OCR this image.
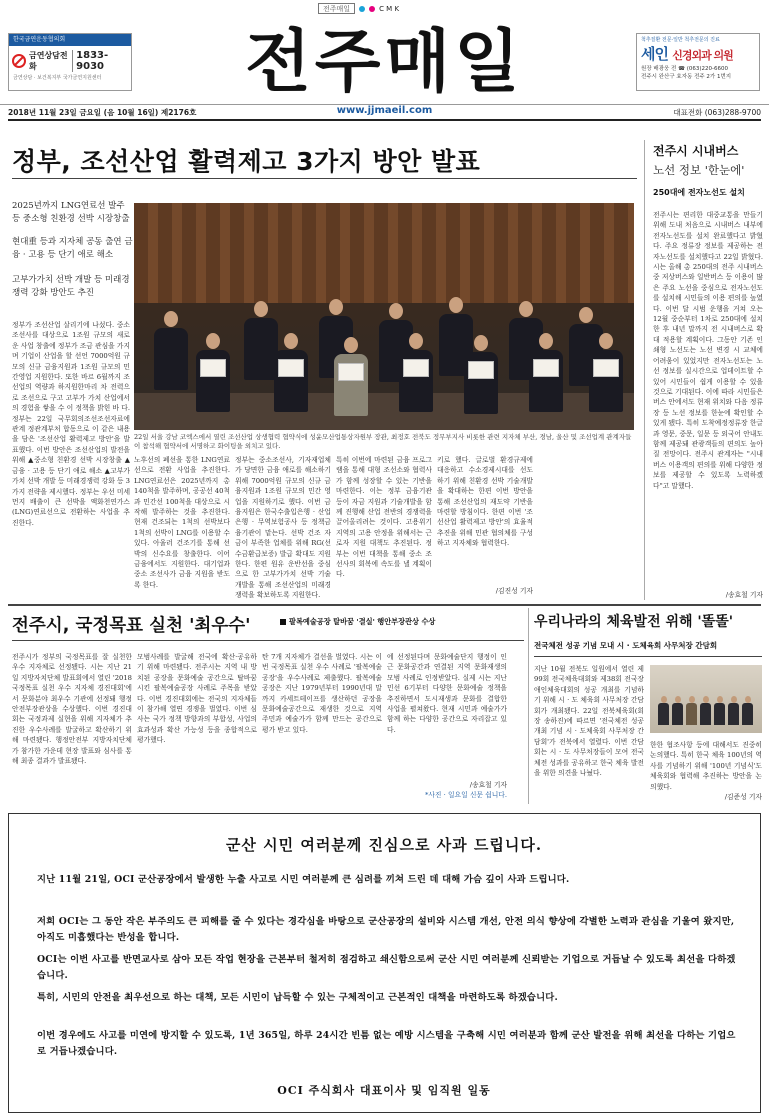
전주매일	C M K
한국금연운동협의회
금연상담전화
1833-9030
금연상담 · 보건복지부 국가금연지원센터	전주매일	척추질환 전문·일반 척추전문의 진료
세인 신경외과 의원
원장 배광웅 전 ☎ (063)220-6600
전주시 완산구 효자동 전주 2가 1번지
2018년 11월 23일 금요일 (음 10월 16일) 제2176호	www.jjmaeil.com	대표전화 (063)288-9700
정부, 조선산업 활력제고 3가지 방안 발표
2025년까지 LNG연료선 발주 등 중소형 친환경 선박 시장창출
현대重 등과 지자체 공동 출연 금융 · 고용 등 단기 애로 해소
고부가가치 선박 개발 등 미래경쟁력 강화 방안도 추진
22일 서울 강남 코엑스에서 열린 조선산업 상생협력 협약식에 성윤모산업통상자원부 장관, 최정호 전북도 정무부지사 비롯한 관련 지자체 부산, 경남, 울산 및 조선업계 관계자들이 참석해 협약서에 서명하고 화이팅을 외치고 있다.
정부가 조선산업 살리기에 나섰다. 중소조선사를 대상으로 1조원 규모의 새로운 사업 창출에 정부가 조금 관심을 가지며 기업이 산업을 할 선언 7000억원 규모의 신규 금융지원과 1조원 규모의 민간영업 지원한다. 또한 바르 6월까지 조선업의 역량과 하지원한마리 차 전력으로 조선으로 구고 고부가 가치 산업에서의 경험을 쌓을 수 이 정책을 밝힌 바 다. 정부는 22일 국무회의조선조선자료에 관계 정관계부처 합동으로 이 같은 내용을 담은 '조선산업 활력제고 방안'을 발표했다. 이번 방안은 조선산업의 발전을 위해 ▲중소형 친환경 선박 시장창출 ▲금융 · 고용 등 단기 애로 해소 ▲고부가가치 선박 개발 등 미래경쟁력 강화 등 3가지 전략을 제시했다. 정부는 우선 미세먼지 배출이 큰 선박을 액화천연가스(LNG)연료선으로 전환하는 사업을 추진한다.
노후선의 폐선을 통한 LNG연료선으로 전환 사업을 추진한다. LNG연료선은 2025년까지 총 140척을 발주하며, 공공선 40척과 민간선 100척을 대상으로 시작해 발주하는 것을 추진한다. 현재 건조되는 1척의 선박보다 1척의 선박이 LNG를 이용할 수 있다. 아울러 건조기를 통해 선박의 신수요를 창출한다. 이어 금융에서도 지원한다. 대기업과 중소 조선사가 금융 지원을 받도록 한다.
정부는 중소조선사, 기자재업체가 당면한 금융 애로를 해소하기 위해 7000억원 규모의 신규 금융지원과 1조원 규모의 민간 영업을 지원하기로 했다. 이번 금융지원은 한국수출입은행 · 산업은행 · 무역보험공사 등 정책금융기관이 맡는다. 선박 건조 자금이 부족한 업체를 위해 RG(선수금환급보증) 발급 확대도 지원한다. 한편 원유 운반선을 중심으로 한 고부가가치 선박 기술 개발을 통해 조선산업의 미래경쟁력을 확보하도록 지원한다.
특히 이번에 마련된 금융 프로그램을 통해 대형 조선소와 협력사가 함께 성장할 수 있는 기반을 마련한다. 이는 정부 금융기관 등이 자금 지원과 기술개발을 함께 진행해 산업 전반의 경쟁력을 끌어올리려는 것이다. 고용위기 지역의 고용 안정을 위해서는 근로자 지원 대책도 추진된다. 정부는 이번 대책을 통해 중소 조선사의 회복에 속도를 낼 계획이다.
키로 했다. 글로벌 환경규제에 대응하고 수소경제시대를 선도하기 위해 친환경 선박 기술개발을 확대하는 한편 이번 방안을 통해 조선산업의 재도약 기반을 마련할 방침이다. 한편 이번 '조선산업 활력제고 방안'의 효율적 추진을 위해 민관 협의체를 구성하고 지자체와 협력한다.
/김진성 기자
전주시 시내버스
노선 정보 '한눈에'
250대에 전자노선도 설치
전주시는 편리한 대중교통을 만들기 위해 도내 처음으로 시내버스 내부에 전자노선도를 설치 완료했다고 밝혔다. 주요 정류장 정보를 제공하는 전자노선도를 설치했다고 22일 밝혔다. 시는 올해 총 250대의 전주 시내버스 중 저상버스와 일반버스 등 이용이 많은 주요 노선을 중심으로 전자노선도를 설치해 시민들의 이용 편의를 높였다. 이번 달 시범 운행을 거쳐 오는 12월 중순부터 1차로 250대에 설치한 후 내년 말까지 전 시내버스로 확대 적용할 계획이다. 그동안 기존 인쇄형 노선도는 노선 변경 시 교체에 어려움이 있었지만 전자노선도는 노선 정보를 실시간으로 업데이트할 수 있어 시민들이 쉽게 이용할 수 있을 것으로 기대된다. 이에 따라 시민들은 버스 안에서도 현재 위치와 다음 정류장 등 노선 정보를 한눈에 확인할 수 있게 됐다. 특히 도착예정정류장 한글과 영문, 중문, 일문 등 외국어 안내도 함께 제공돼 관광객들의 편의도 높아질 전망이다. 전주시 관계자는 "시내버스 이용객의 편의를 위해 다양한 정보를 제공할 수 있도록 노력하겠다"고 말했다.
/송효철 기자
전주시, 국정목표 실천 '최우수'	팔복예술공장 탈바꿈 '결실' 행안부장관상 수상
전주시가 정부의 국정목표를 잘 실천한 우수 지자체로 선정됐다. 시는 지난 21일 지방자치단체 발표회에서 열린 '2018 국정목표 실천 우수 지자체 경진대회'에서 문화분야 최우수 기관에 선정돼 행정안전부장관상을 수상했다. 이번 경진대회는 국정과제 실현을 위해 지자체가 추진한 우수사례를 발굴하고 확산하기 위해 마련됐다. 행정안전부 지방자치단체가 참가한 가운데 현장 발표와 심사를 통해 최종 결과가 발표됐다.
모범사례를 발굴해 전국에 확산·공유하기 위해 마련됐다. 전주시는 지역 내 방치된 공장을 문화예술 공간으로 탈바꿈시킨 팔복예술공장 사례로 주목을 받았다. 이번 경진대회에는 전국의 지자체들이 참가해 열띤 경쟁을 벌였다. 이번 심사는 국가 정책 방향과의 부합성, 사업의 효과성과 확산 가능성 등을 종합적으로 평가했다.
탄 7개 지자체가 결선을 벌였다. 시는 이번 국정목표 실천 우수 사례로 '팔복예술공장'을 우수사례로 제출했다. 팔복예술공장은 지난 1979년부터 1990년대 말까지 카세트테이프를 생산하던 공장을 문화예술공간으로 재생한 것으로 지역 주민과 예술가가 함께 만드는 공간으로 평가 받고 있다.
에 선정된다며 문화예술단지 행정이 인근 문화공간과 연결된 지역 문화재생의 모범 사례로 인정받았다. 실제 시는 지난 민선 6기부터 다양한 문화예술 정책을 추진하면서 도시재생과 문화를 결합한 사업을 펼쳐왔다. 현재 시민과 예술가가 함께 하는 다양한 공간으로 자리잡고 있다.
/송효철 기자
*사진 · 일요일 신문 쉽니다.
우리나라의 체육발전 위해 '똘똘'
전국체전 성공 기념 모내 시 · 도체육회 사무처장 간담회
지난 10월 전북도 일원에서 열린 제99회 전국체육대회와 제38회 전국장애인체육대회의 성공 개최를 기념하기 위해 시 · 도 체육회 사무처장 간담회가 개최됐다. 22일 전북체육회(회장 송하진)에 따르면 '전국체전 성공개최 기념 시 · 도체육회 사무처장 간담회'가 전북에서 열렸다. 이번 간담회는 시 · 도 사무처장들이 모여 전국체전 성과를 공유하고 한국 체육 발전을 위한 의견을 나눴다.
한한 협조사항 등에 대해서도 진중히 논의했다. 특히 한국 체육 100년의 역사를 기념하기 위해 '100년 기념식'도 체육회와 협력해 추진하는 방안을 논의했다.
/김준성 기자
군산 시민 여러분께 진심으로 사과 드립니다.

지난 11월 21일, OCI 군산공장에서 발생한 누출 사고로 시민 여러분께 큰 심려를 끼쳐 드린 데 대해 가슴 깊이 사과 드립니다.

저희 OCI는 그 동안 작은 부주의도 큰 피해를 줄 수 있다는 경각심을 바탕으로 군산공장의 설비와 시스템 개선, 안전 의식 향상에 각별한 노력과 관심을 기울여 왔지만, 아직도 미흡했다는 반성을 합니다.

OCI는 이번 사고를 반면교사로 삼아 모든 작업 현장을 근본부터 철저히 점검하고 쇄신함으로써 군산 시민 여러분께 신뢰받는 기업으로 거듭날 수 있도록 최선을 다하겠습니다.

특히, 시민의 안전을 최우선으로 하는 대책, 모든 시민이 납득할 수 있는 구체적이고 근본적인 대책을 마련하도록 하겠습니다.

이번 경우에도 사고를 미연에 방지할 수 있도록, 1년 365일, 하루 24시간 빈틈 없는 예방 시스템을 구축해 시민 여러분과 함께 군산 발전을 위해 최선을 다하는 기업으로 거듭나겠습니다.

OCI 주식회사 대표이사 및 임직원 일동
